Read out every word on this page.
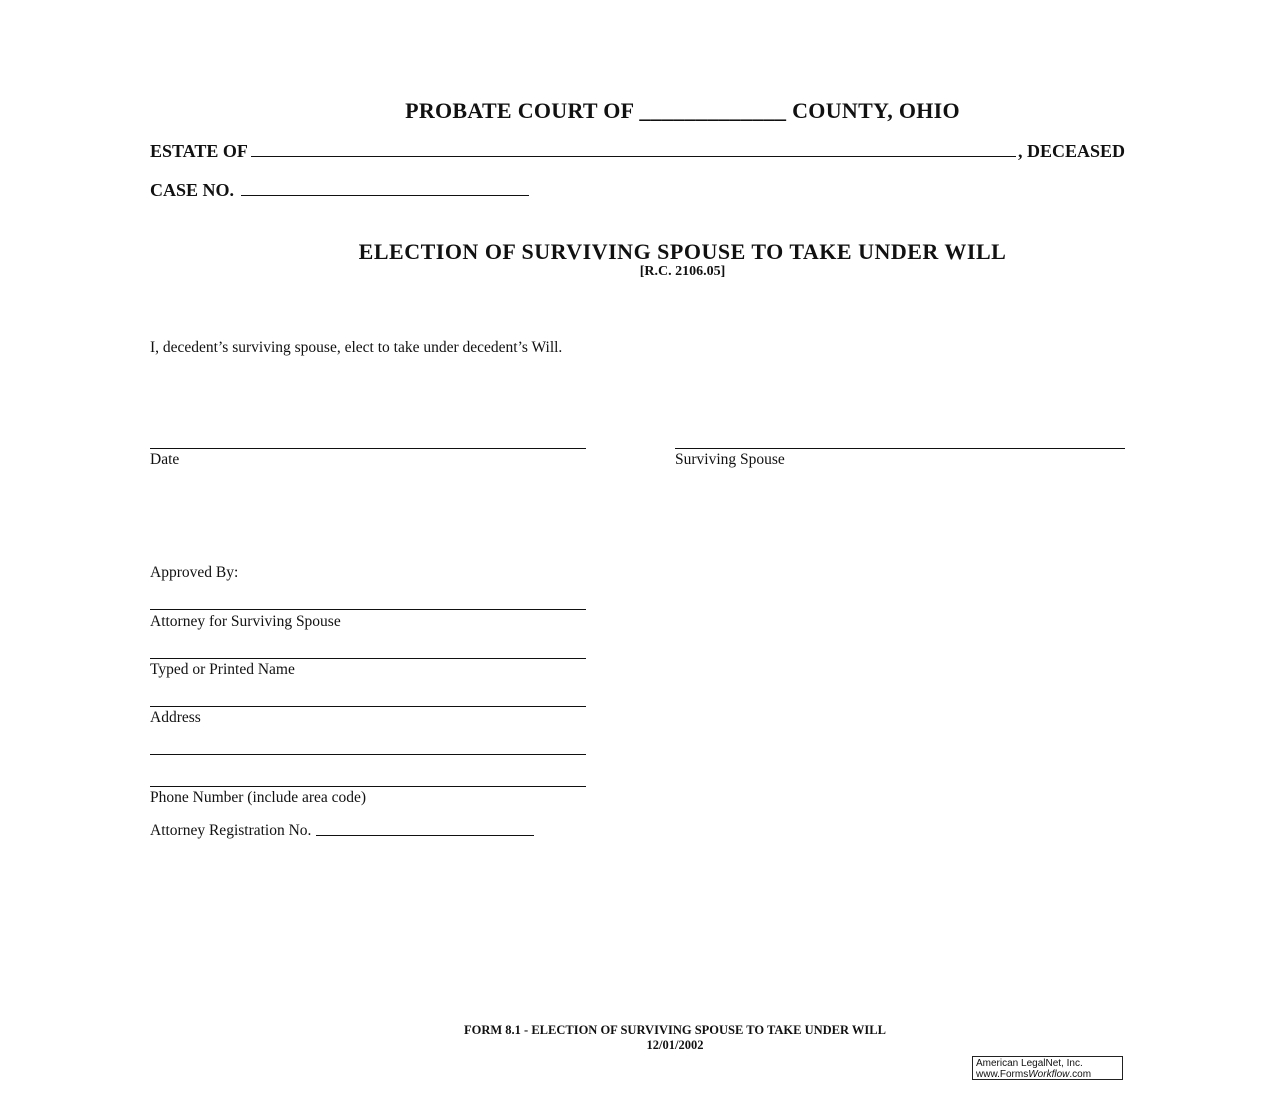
PROBATE COURT OF _____________ COUNTY, OHIO
ESTATE OF	, DECEASED
CASE NO.
ELECTION OF SURVIVING SPOUSE TO TAKE UNDER WILL
[R.C. 2106.05]
I, decedent’s surviving spouse, elect to take under decedent’s Will.
Date	Surviving Spouse
Approved By:
Attorney for Surviving Spouse
Typed or Printed Name
Address
Phone Number (include area code)
Attorney Registration No.
FORM 8.1 - ELECTION OF SURVIVING SPOUSE TO TAKE UNDER WILL
12/01/2002
American LegalNet, Inc.
www.FormsWorkflow.com
